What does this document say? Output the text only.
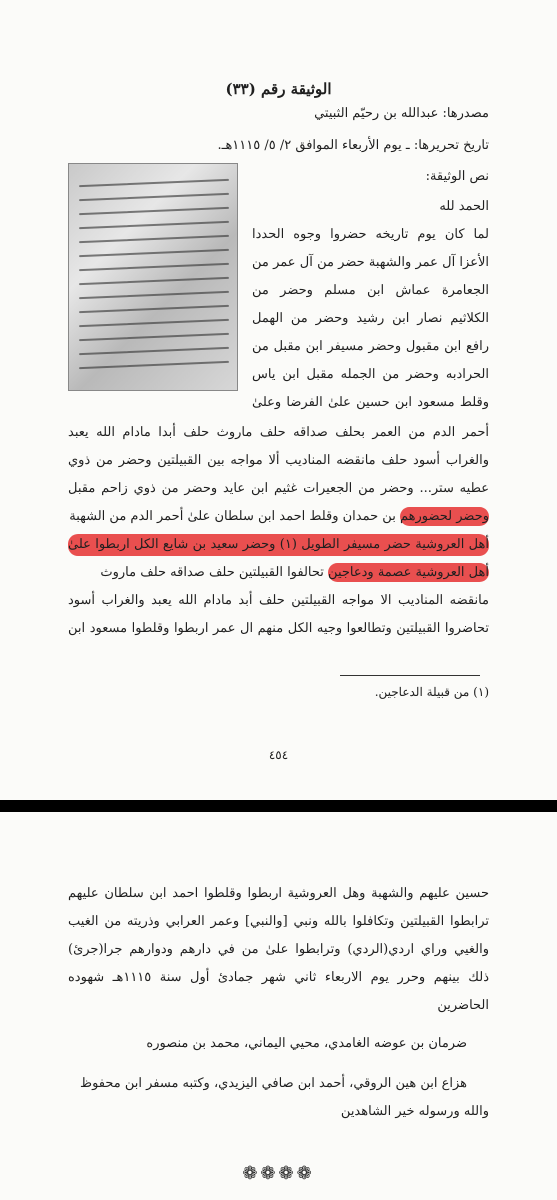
الوثيقة رقم (٣٣)
مصدرها: عبدالله بن رحيّم الثبيتي
تاريخ تحريرها: ـ يوم الأربعاء الموافق ٢/ ٥/ ١١١٥هـ.
نص الوثيقة:
الحمد لله
لما كان يوم تاريخه حضروا وجوه الحددا
الأعزا آل عمر والشهبة حضر من آل عمر من
الجعامرة عماش ابن مسلم وحضر من
الكلاثيم نصار ابن رشيد وحضر من الهمل
رافع ابن مقبول وحضر مسيفر ابن مقبل من
الحرادبه وحضر من الجمله مقبل ابن ياس
وقلط مسعود ابن حسين علىٰ الفرضا وعلىٰ
أحمر الدم من العمر بحلف صداقه حلف ماروث حلف أبدا مادام الله يعبد
والغراب أسود حلف مانقضه المناديب ألا مواجه بين القبيلتين وحضر من ذوي
عطيه ستر... وحضر من الجعيرات غثيم ابن عايد وحضر من ذوي زاحم مقبل
وحضر لحضورهم بن حمدان وقلط احمد ابن سلطان علىٰ أحمر الدم من الشهبة
أهل العروشية حضر مسيفر الطويل (١) وحضر سعيد بن شايع الكل اربطوا علىٰ
أهل العروشية عصمة ودعاجين تحالفوا القبيلتين حلف صداقه حلف ماروث
مانقضه المناديب الا مواجه القبيلتين حلف أبد مادام الله يعبد والغراب أسود
تحاضروا القبيلتين وتطالعوا وجيه الكل منهم ال عمر اربطوا وقلطوا مسعود ابن
(١) من قبيلة الدعاجين.
٤٥٤
حسين عليهم والشهبة وهل العروشية اربطوا وقلطوا احمد ابن سلطان عليهم
ترابطوا القبيلتين وتكافلوا بالله ونبي [والنبي] وعمر العرابي وذريته من الغيب
والغيي وراي اردي(الردي) وترابطوا علىٰ من في دارهم ودوارهم جرا(جرئ)
ذلك بينهم وحرر يوم الاربعاء ثاني شهر جمادئ أول سنة ١١١٥هـ شهوده
الحاضرين
ضرمان بن عوضه الغامدي، محيي اليماني، محمد بن منصوره
هزاع ابن هين الروقي، أحمد ابن صافي اليزيدي، وكتبه مسفر ابن محفوظ
والله ورسوله خير الشاهدين
❁❁❁❁
